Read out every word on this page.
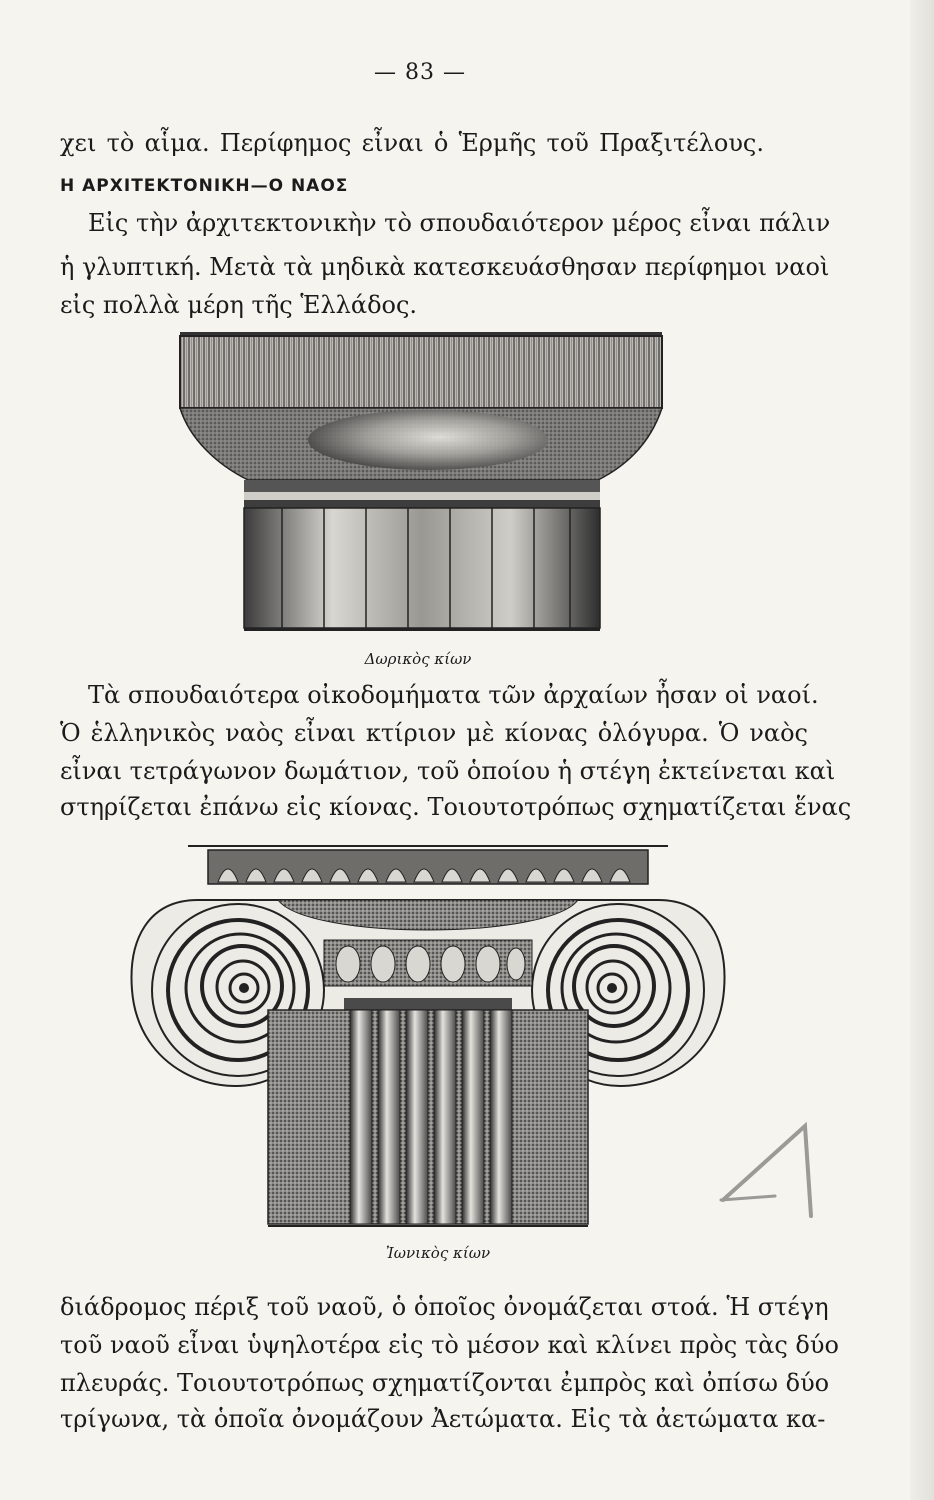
— 83 —
χει τὸ αἷμα. Περίφημος εἶναι ὁ Ἑρμῆς τοῦ Πραξιτέλους.
Η ΑΡΧΙΤΕΚΤΟΝΙΚΗ—Ο ΝΑΟΣ
Εἰς τὴν ἀρχιτεκτονικὴν τὸ σπουδαιότερον μέρος εἶναι πάλιν
ἡ γλυπτική. Μετὰ τὰ μηδικὰ κατεσκευάσθησαν περίφημοι ναοὶ
εἰς πολλὰ μέρη τῆς Ἑλλάδος.
Δωρικὸς κίων
Τὰ σπουδαιότερα οἰκοδομήματα τῶν ἀρχαίων ἦσαν οἱ ναοί.
Ὁ ἑλληνικὸς ναὸς εἶναι κτίριον μὲ κίονας ὁλόγυρα. Ὁ ναὸς
εἶναι τετράγωνον δωμάτιον, τοῦ ὁποίου ἡ στέγη ἐκτείνεται καὶ
στηρίζεται ἐπάνω εἰς κίονας. Τοιουτοτρόπως σχηματίζεται ἕνας
Ἰωνικὸς κίων
διάδρομος πέριξ τοῦ ναοῦ, ὁ ὁποῖος ὀνομάζεται στοά. Ἡ στέγη
τοῦ ναοῦ εἶναι ὑψηλοτέρα εἰς τὸ μέσον καὶ κλίνει πρὸς τὰς δύο
πλευράς. Τοιουτοτρόπως σχηματίζονται ἐμπρὸς καὶ ὀπίσω δύο
τρίγωνα, τὰ ὁποῖα ὀνομάζουν Ἀετώματα. Εἰς τὰ ἀετώματα κα-
